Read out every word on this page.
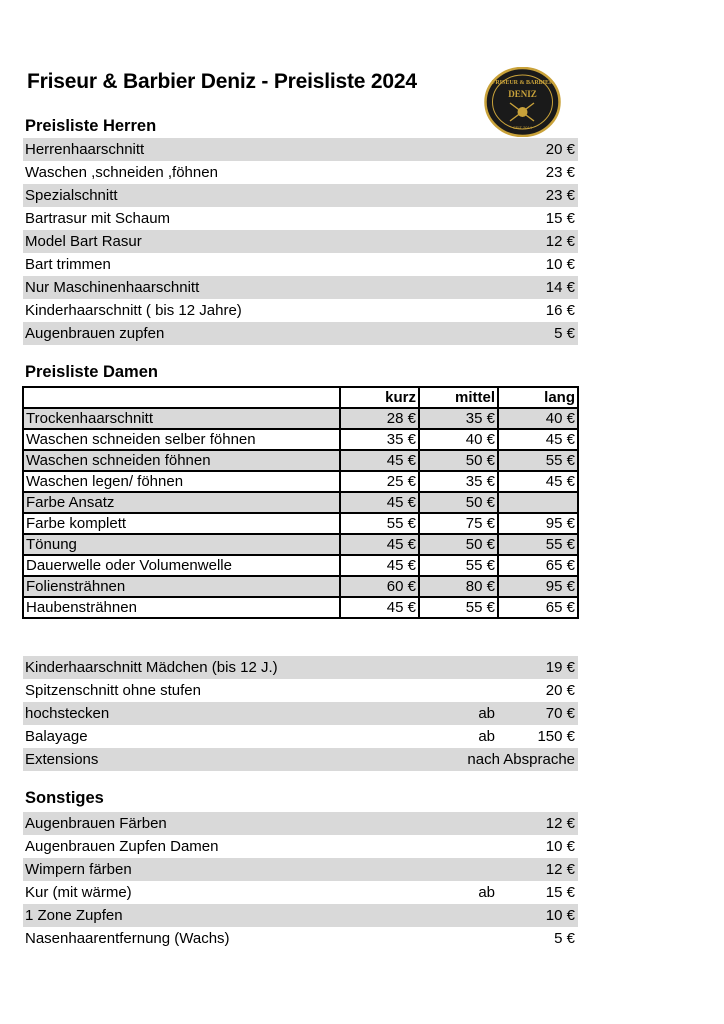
Friseur & Barbier Deniz - Preisliste 2024	FRISEUR & BARBIER
DENIZ
SEIT 2014
Preisliste Herren
Herrenhaarschnitt	20 €
Waschen ,schneiden ,föhnen	23 €
Spezialschnitt	23 €
Bartrasur mit Schaum	15 €
Model Bart Rasur	12 €
Bart trimmen	10 €
Nur Maschinenhaarschnitt	14 €
Kinderhaarschnitt ( bis 12 Jahre)	16 €
Augenbrauen zupfen	5 €
Preisliste Damen
	kurz	mittel	lang
Trockenhaarschnitt	28 €	35 €	40 €
Waschen schneiden selber föhnen	35 €	40 €	45 €
Waschen schneiden föhnen	45 €	50 €	55 €
Waschen legen/ föhnen	25 €	35 €	45 €
Farbe Ansatz	45 €	50 €	
Farbe komplett	55 €	75 €	95 €
Tönung	45 €	50 €	55 €
Dauerwelle oder Volumenwelle	45 €	55 €	65 €
Foliensträhnen	60 €	80 €	95 €
Haubensträhnen	45 €	55 €	65 €
Kinderhaarschnitt Mädchen (bis 12 J.)	19 €
Spitzenschnitt ohne stufen	20 €
hochstecken	ab	70 €
Balayage	ab	150 €
Extensions	nach Absprache
Sonstiges
Augenbrauen Färben	12 €
Augenbrauen Zupfen Damen	10 €
Wimpern färben	12 €
Kur (mit wärme)	ab	15 €
1 Zone Zupfen	10 €
Nasenhaarentfernung (Wachs)	5 €
